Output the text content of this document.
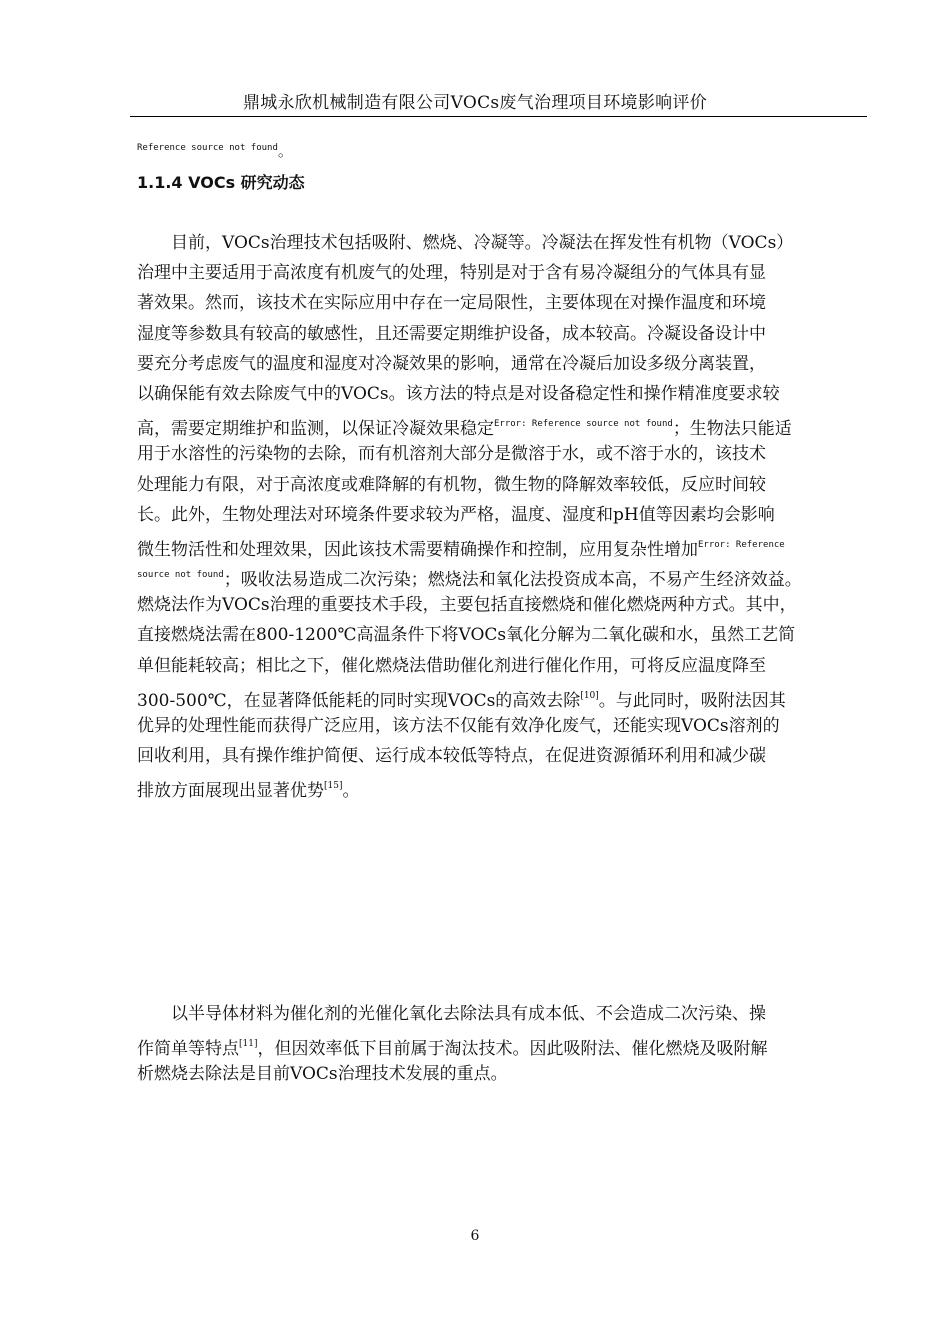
鼎城永欣机械制造有限公司VOCs废气治理项目环境影响评价
Reference source not found。
1.1.4 VOCs 研究动态
　　目前，VOCs治理技术包括吸附、燃烧、冷凝等。冷凝法在挥发性有机物（VOCs）
治理中主要适用于高浓度有机废气的处理，特别是对于含有易冷凝组分的气体具有显
著效果。然而，该技术在实际应用中存在一定局限性，主要体现在对操作温度和环境
湿度等参数具有较高的敏感性，且还需要定期维护设备，成本较高。冷凝设备设计中
要充分考虑废气的温度和湿度对冷凝效果的影响，通常在冷凝后加设多级分离装置，
以确保能有效去除废气中的VOCs。该方法的特点是对设备稳定性和操作精准度要求较
高，需要定期维护和监测，以保证冷凝效果稳定$^{Error: Reference source not found}$；生物法只能适
用于水溶性的污染物的去除，而有机溶剂大部分是微溶于水，或不溶于水的，该技术
处理能力有限，对于高浓度或难降解的有机物，微生物的降解效率较低，反应时间较
长。此外，生物处理法对环境条件要求较为严格，温度、湿度和pH值等因素均会影响
微生物活性和处理效果，因此该技术需要精确操作和控制，应用复杂性增加$^{Error: Reference}$
$^{source not found}$；吸收法易造成二次污染；燃烧法和氧化法投资成本高，不易产生经济效益。
燃烧法作为VOCs治理的重要技术手段，主要包括直接燃烧和催化燃烧两种方式。其中，
直接燃烧法需在800-1200℃高温条件下将VOCs氧化分解为二氧化碳和水，虽然工艺简
单但能耗较高；相比之下，催化燃烧法借助催化剂进行催化作用，可将反应温度降至
300-500℃，在显著降低能耗的同时实现VOCs的高效去除[10]。与此同时，吸附法因其
优异的处理性能而获得广泛应用，该方法不仅能有效净化废气，还能实现VOCs溶剂的
回收利用，具有操作维护简便、运行成本较低等特点，在促进资源循环利用和减少碳
排放方面展现出显著优势[15]。
　　以半导体材料为催化剂的光催化氧化去除法具有成本低、不会造成二次污染、操
作简单等特点[11]，但因效率低下目前属于淘汰技术。因此吸附法、催化燃烧及吸附解
析燃烧去除法是目前VOCs治理技术发展的重点。
6
